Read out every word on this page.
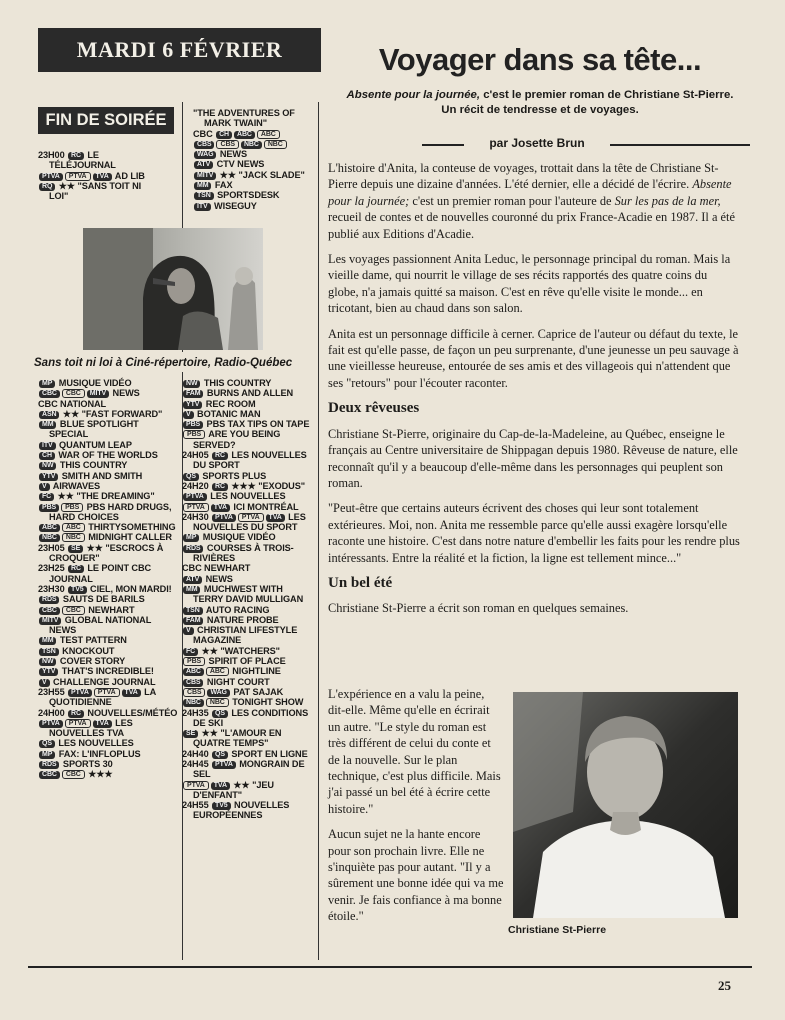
MARDI 6 FÉVRIER
FIN DE SOIRÉE
23H00 RC LE TÉLÉJOURNAL
PTVA PTVA TVA AD LIB
RQ ★★ "SANS TOIT NI LOI"
Sans toit ni loi à Ciné-répertoire, Radio-Québec
MP MUSIQUE VIDÉO
CBC CBC MITV NEWS
CBC NATIONAL
ASN ★★ "FAST FORWARD"
MM BLUE SPOTLIGHT SPECIAL
ITV QUANTUM LEAP
CH WAR OF THE WORLDS
NW THIS COUNTRY
YTV SMITH AND SMITH
V AIRWAVES
FC ★★ "THE DREAMING"
PBS PBS PBS HARD DRUGS, HARD CHOICES
ABC ABC THIRTYSOMETHING
NBC NBC MIDNIGHT CALLER
23H05 SE ★★ "ESCROCS À CROQUER"
23H25 RC LE POINT CBC JOURNAL
23H30 TV5 CIEL, MON MARDI!
RDS SAUTS DE BARILS
CBC CBC NEWHART
MITV GLOBAL NATIONAL NEWS
MM TEST PATTERN
TSN KNOCKOUT
NW COVER STORY
YTV THAT'S INCREDIBLE!
V CHALLENGE JOURNAL
23H55 PTVA PTVA TVA LA QUOTIDIENNE
24H00 RC NOUVELLES/MÉTÉO
PTVA PTVA TVA LES NOUVELLES TVA
QS LES NOUVELLES
MP FAX: L'INFLOPLUS
RDS SPORTS 30
CBC CBC ★★★
"THE ADVENTURES OF MARK TWAIN"
CBC CH ABC ABC
CBS CBS NBC NBC
WAG NEWS
ATV CTV NEWS
MITV ★★ "JACK SLADE"
MM FAX
TSN SPORTSDESK
ITV WISEGUY
NW THIS COUNTRY
FAM BURNS AND ALLEN
YTV REC ROOM
V BOTANIC MAN
PBS PBS TAX TIPS ON TAPE
PBS ARE YOU BEING SERVED?
24H05 RC LES NOUVELLES DU SPORT
QS SPORTS PLUS
24H20 RC ★★★ "EXODUS"
PTVA LES NOUVELLES
PTVA TVA ICI MONTRÉAL
24H30 PTVA PTVA TVA LES NOUVELLES DU SPORT
MP MUSIQUE VIDÉO
RDS COURSES À TROIS-RIVIÈRES
CBC NEWHART
ATV NEWS
MM MUCHWEST WITH TERRY DAVID MULLIGAN
TSN AUTO RACING
FAM NATURE PROBE
V CHRISTIAN LIFESTYLE MAGAZINE
FC ★★ "WATCHERS"
PBS SPIRIT OF PLACE
ABC ABC NIGHTLINE
CBS NIGHT COURT
CBS WAG PAT SAJAK
NBC NBC TONIGHT SHOW
24H35 QS LES CONDITIONS DE SKI
SE ★★ "L'AMOUR EN QUATRE TEMPS"
24H40 QS SPORT EN LIGNE
24H45 PTVA MONGRAIN DE SEL
PTVA TVA ★★ "JEU D'ENFANT"
24H55 TV5 NOUVELLES EUROPÉENNES
Voyager dans sa tête...
Absente pour la journée, c'est le premier roman de Christiane St-Pierre. Un récit de tendresse et de voyages.
par Josette Brun

L'histoire d'Anita, la conteuse de voyages, trottait dans la tête de Christiane St-Pierre depuis une dizaine d'années. L'été dernier, elle a décidé de l'écrire. Absente pour la journée; c'est un premier roman pour l'auteure de Sur les pas de la mer, recueil de contes et de nouvelles couronné du prix France-Acadie en 1987. Il a été publié aux Editions d'Acadie.

Les voyages passionnent Anita Leduc, le personnage principal du roman. Mais la vieille dame, qui nourrit le village de ses récits rapportés des quatre coins du globe, n'a jamais quitté sa maison. C'est en rêve qu'elle visite le monde... en tricotant, bien au chaud dans son salon.

Anita est un personnage difficile à cerner. Caprice de l'auteur ou défaut du texte, le fait est qu'elle passe, de façon un peu surprenante, d'une jeunesse un peu sauvage à une vieillesse heureuse, entourée de ses amis et des villageois qui n'attendent que ses "retours" pour l'écouter raconter.

Deux rêveuses

Christiane St-Pierre, originaire du Cap-de-la-Madeleine, au Québec, enseigne le français au Centre universitaire de Shippagan depuis 1980. Rêveuse de nature, elle reconnaît qu'il y a beaucoup d'elle-même dans les personnages qui peuplent son roman.

"Peut-être que certains auteurs écrivent des choses qui leur sont totalement extérieures. Moi, non. Anita me ressemble parce qu'elle aussi exagère lorsqu'elle raconte une histoire. C'est dans notre nature d'embellir les faits pour les rendre plus intéressants. Entre la réalité et la fiction, la ligne est tellement mince..."

Un bel été

Christiane St-Pierre a écrit son roman en quelques semaines.

L'expérience en a valu la peine, dit-elle. Même qu'elle en écrirait un autre. "Le style du roman est très différent de celui du conte et de la nouvelle. Sur le plan technique, c'est plus difficile. Mais j'ai passé un bel été à écrire cette histoire."

Aucun sujet ne la hante encore pour son prochain livre. Elle ne s'inquiète pas pour autant. "Il y a sûrement une bonne idée qui va me venir. Je fais confiance à ma bonne étoile."

Christiane St-Pierre
25
